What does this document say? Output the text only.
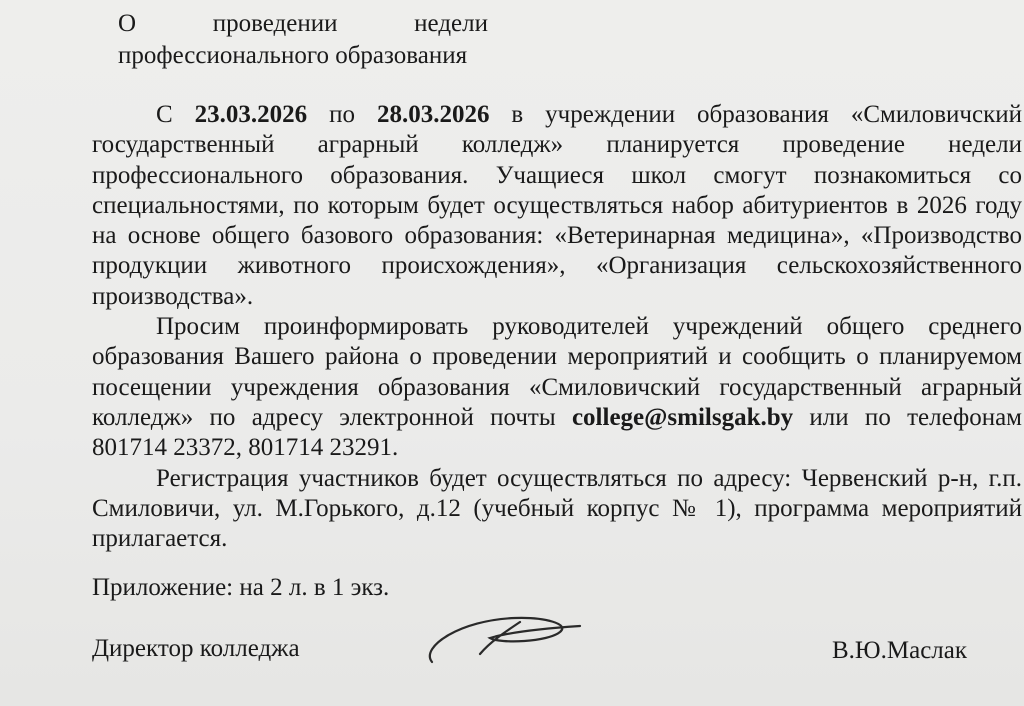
О	проведении	недели
профессионального образования

С 23.03.2026 по 28.03.2026 в учреждении образования «Смиловичский государственный аграрный колледж» планируется проведение недели профессионального образования. Учащиеся школ смогут познакомиться со специальностями, по которым будет осуществляться набор абитуриентов в 2026 году на основе общего базового образования: «Ветеринарная медицина», «Производство продукции животного происхождения», «Организация сельскохозяйственного производства».

Просим проинформировать руководителей учреждений общего среднего образования Вашего района о проведении мероприятий и сообщить о планируемом посещении учреждения образования «Смиловичский государственный аграрный колледж» по адресу электронной почты college@smilsgak.by или по телефонам 801714 23372, 801714 23291.

Регистрация участников будет осуществляться по адресу: Червенский р-н, г.п. Смиловичи, ул. М.Горького, д.12 (учебный корпус № 1), программа мероприятий прилагается.

Приложение: на 2 л. в 1 экз.
Директор колледжа	В.Ю.Маслак
